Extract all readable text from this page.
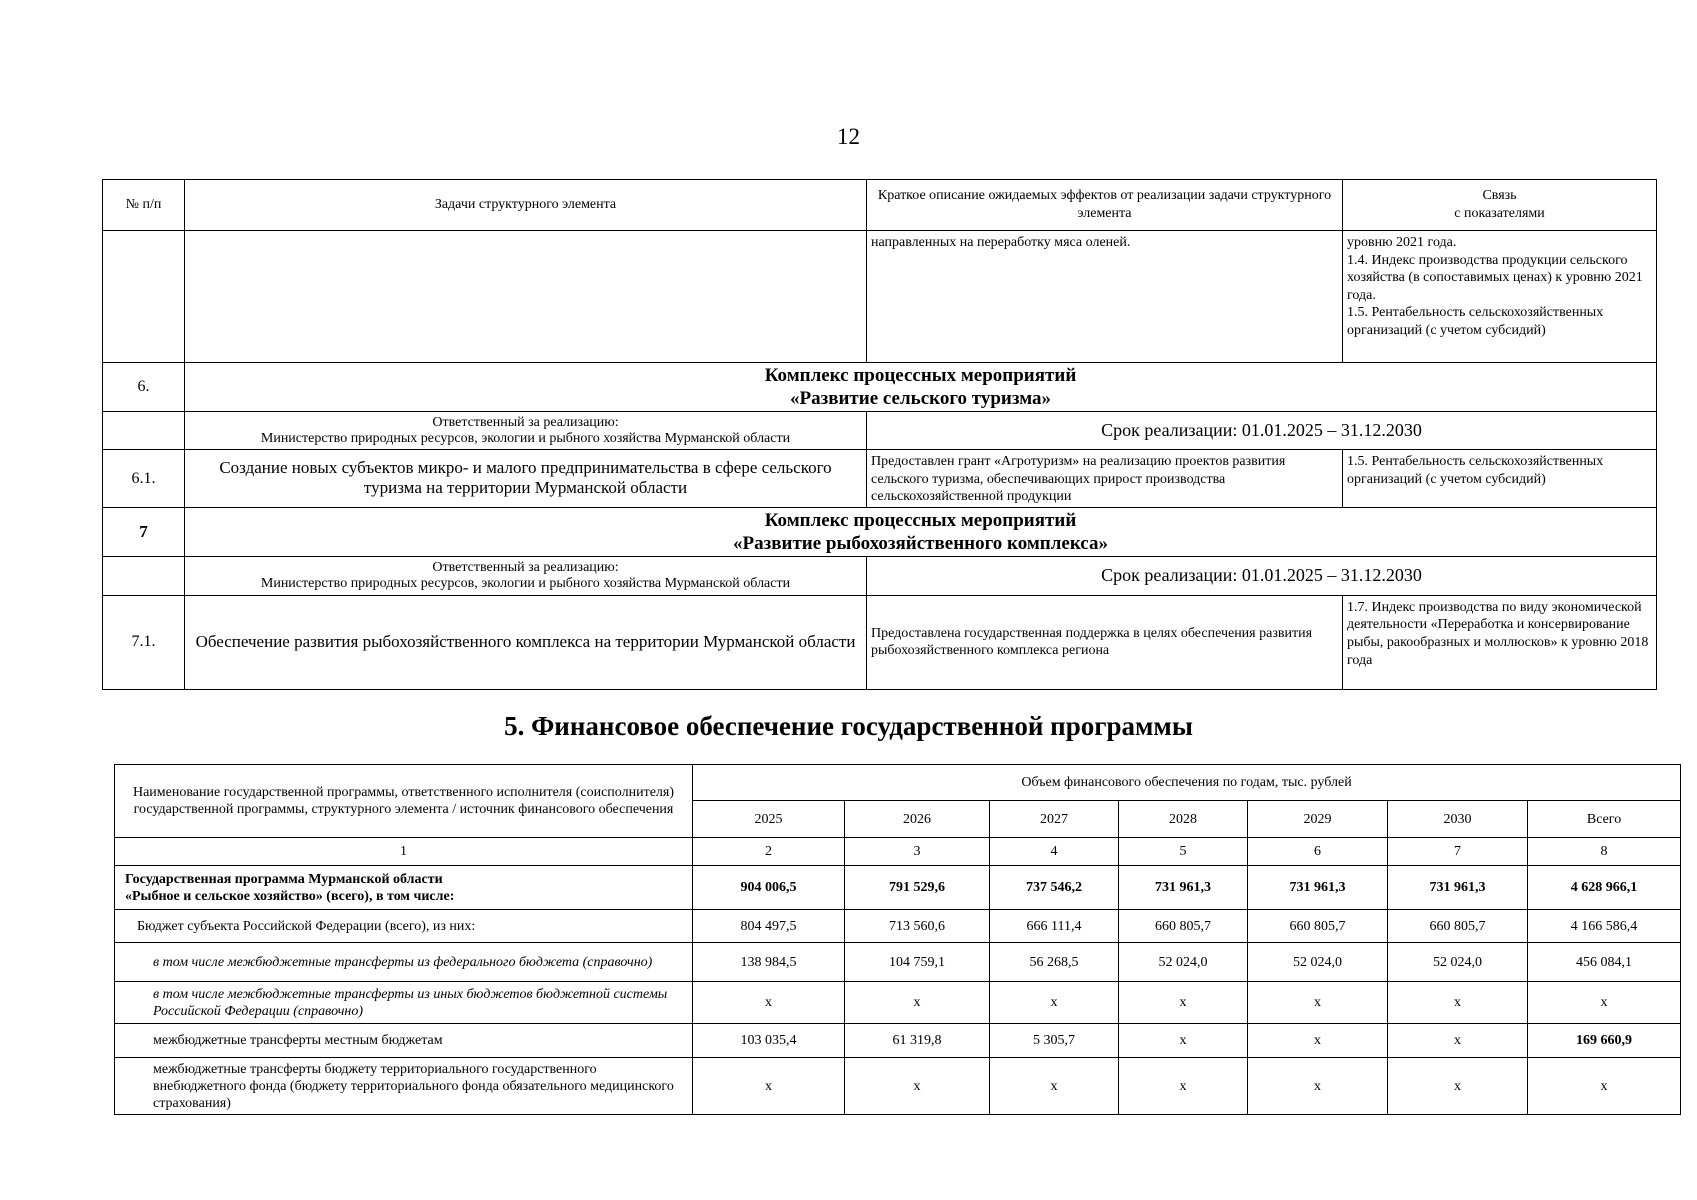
12
№ п/п	Задачи структурного элемента	Краткое описание ожидаемых эффектов от реализации задачи структурного элемента	Связь
с показателями
		направленных на переработку мяса оленей.	уровню 2021 года.
1.4. Индекс производства продукции сельского хозяйства (в сопоставимых ценах) к уровню 2021 года.
1.5. Рентабельность сельскохозяйственных организаций (с учетом субсидий)
6.	Комплекс процессных мероприятий
«Развитие сельского туризма»		

	Ответственный за реализацию:
Министерство природных ресурсов, экологии и рыбного хозяйства Мурманской области	Срок реализации: 01.01.2025 – 31.12.2030	
6.1.	Создание новых субъектов микро- и малого предпринимательства в сфере сельского туризма на территории Мурманской области	Предоставлен грант «Агротуризм» на реализацию проектов развития сельского туризма, обеспечивающих прирост производства сельскохозяйственной продукции	1.5. Рентабельность сельскохозяйственных организаций (с учетом субсидий)
7	Комплекс процессных мероприятий
«Развитие рыбохозяйственного комплекса»		

	Ответственный за реализацию:
Министерство природных ресурсов, экологии и рыбного хозяйства Мурманской области	Срок реализации: 01.01.2025 – 31.12.2030	
7.1.	Обеспечение развития рыбохозяйственного комплекса на территории Мурманской области	Предоставлена государственная поддержка в целях обеспечения развития рыбохозяйственного комплекса региона	1.7. Индекс производства по виду экономической деятельности «Переработка и консервирование рыбы, ракообразных и моллюсков» к уровню 2018 года
5. Финансовое обеспечение государственной программы
Наименование государственной программы, ответственного исполнителя (соисполнителя) государственной программы, структурного элемента / источник финансового обеспечения	Объем финансового обеспечения по годам, тыс. рублей						
	2025	2026	2027	2028	2029	2030	Всего
1	2	3	4	5	6	7	8
Государственная программа Мурманской области
«Рыбное и сельское хозяйство» (всего), в том числе:	904 006,5	791 529,6	737 546,2	731 961,3	731 961,3	731 961,3	4 628 966,1
Бюджет субъекта Российской Федерации (всего), из них:	804 497,5	713 560,6	666 111,4	660 805,7	660 805,7	660 805,7	4 166 586,4
в том числе межбюджетные трансферты из федерального бюджета (справочно)	138 984,5	104 759,1	56 268,5	52 024,0	52 024,0	52 024,0	456 084,1
в том числе межбюджетные трансферты из иных бюджетов бюджетной системы Российской Федерации (справочно)	х	х	х	х	х	х	х
межбюджетные трансферты местным бюджетам	103 035,4	61 319,8	5 305,7	х	х	х	169 660,9
межбюджетные трансферты бюджету территориального государственного внебюджетного фонда (бюджету территориального фонда обязательного медицинского страхования)	х	х	х	х	х	х	х
